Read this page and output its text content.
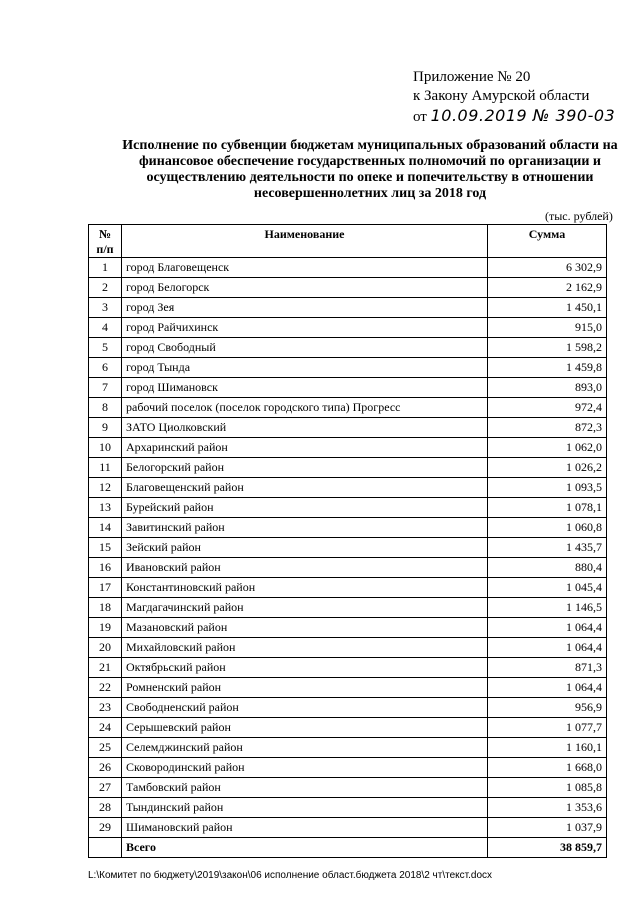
Приложение № 20
к Закону Амурской области
от 10.09.2019 № 390-03
Исполнение по субвенции бюджетам муниципальных образований области на финансовое обеспечение государственных полномочий по организации и осуществлению деятельности по опеке и попечительству в отношении несовершеннолетних лиц за 2018 год
(тыс. рублей)
№ п/п	Наименование	Сумма
1	город Благовещенск	6 302,9
2	город Белогорск	2 162,9
3	город Зея	1 450,1
4	город Райчихинск	915,0
5	город Свободный	1 598,2
6	город Тында	1 459,8
7	город Шимановск	893,0
8	рабочий поселок (поселок городского типа) Прогресс	972,4
9	ЗАТО Циолковский	872,3
10	Архаринский район	1 062,0
11	Белогорский район	1 026,2
12	Благовещенский район	1 093,5
13	Бурейский район	1 078,1
14	Завитинский район	1 060,8
15	Зейский район	1 435,7
16	Ивановский район	880,4
17	Константиновский район	1 045,4
18	Магдагачинский район	1 146,5
19	Мазановский район	1 064,4
20	Михайловский район	1 064,4
21	Октябрьский район	871,3
22	Ромненский район	1 064,4
23	Свободненский район	956,9
24	Серышевский район	1 077,7
25	Селемджинский район	1 160,1
26	Сковородинский район	1 668,0
27	Тамбовский район	1 085,8
28	Тындинский район	1 353,6
29	Шимановский район	1 037,9
	Всего	38 859,7
L:\Комитет по бюджету\2019\закон\06 исполнение област.бюджета 2018\2 чт\текст.docx
